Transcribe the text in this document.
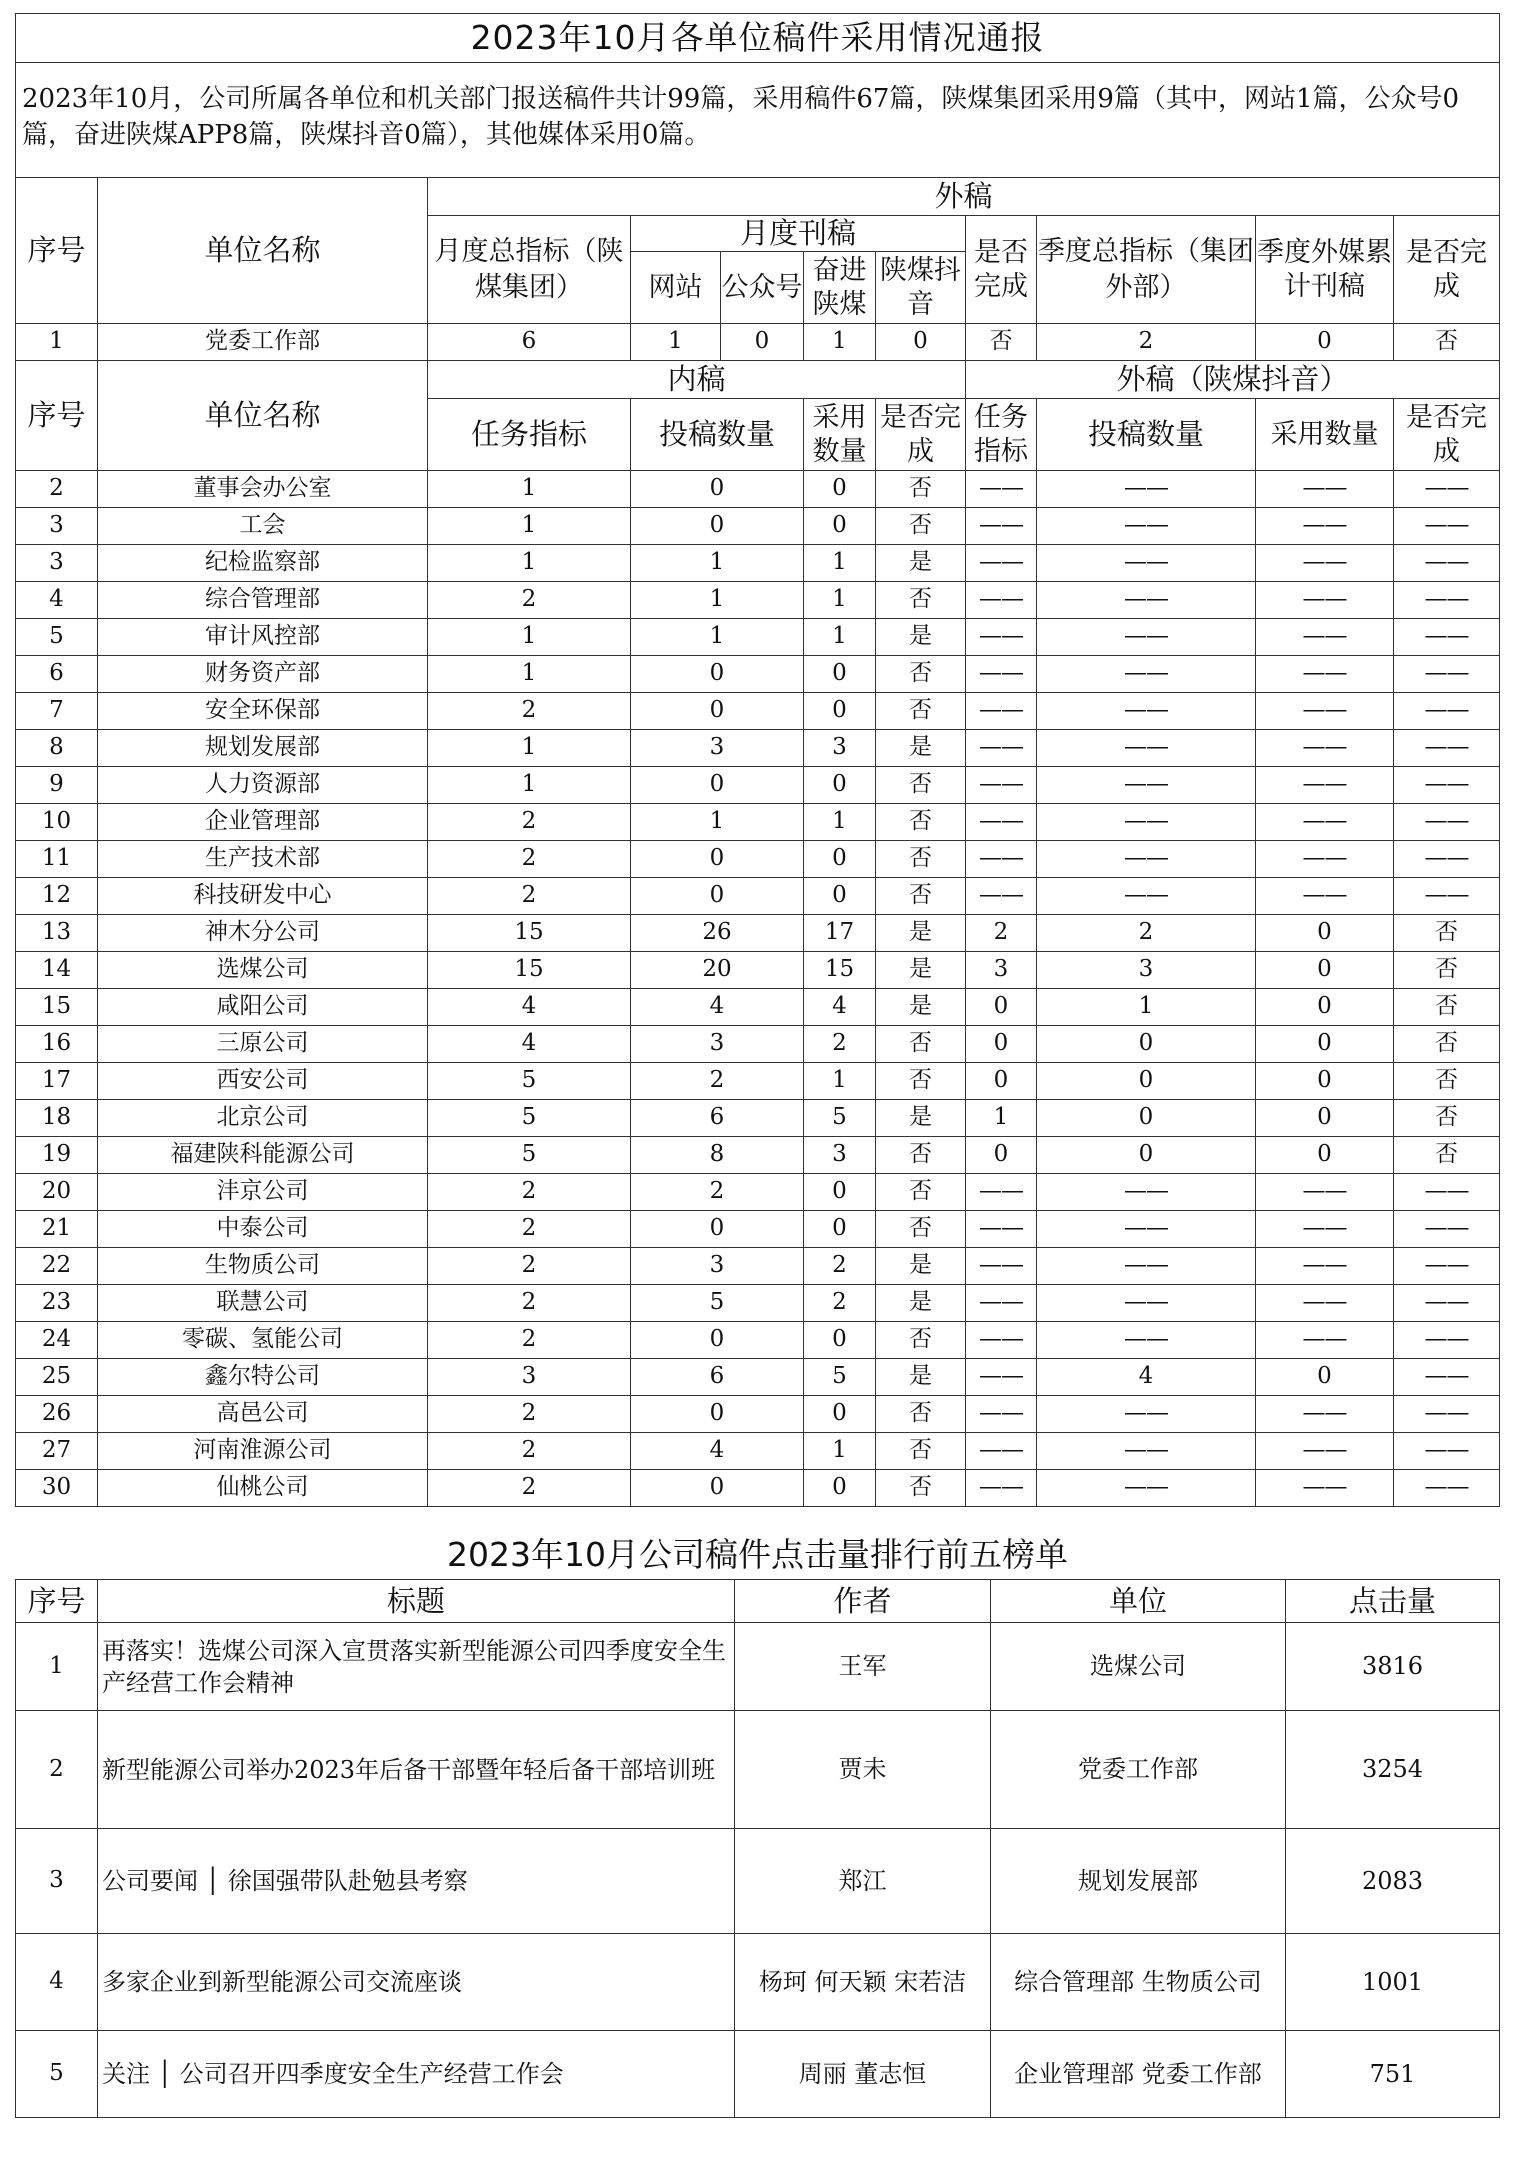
2023年10月各单位稿件采用情况通报										
2023年10月，公司所属各单位和机关部门报送稿件共计99篇，采用稿件67篇，陕煤集团采用9篇（其中，网站1篇，公众号0篇，奋进陕煤APP8篇，陕煤抖音0篇），其他媒体采用0篇。										
序号	单位名称	外稿								
		月度总指标（陕煤集团）	月度刊稿				是否完成	季度总指标（集团外部）	季度外媒累计刊稿	是否完成
			网站	公众号	奋进陕煤	陕煤抖音				
1	党委工作部	6	1	0	1	0	否	2	0	否
序号	单位名称	内稿					外稿（陕煤抖音）			
		任务指标	投稿数量		采用数量	是否完成	任务指标	投稿数量	采用数量	是否完成
2	董事会办公室	1	0		0	否	——	——	——	——
3	工会	1	0		0	否	——	——	——	——
3	纪检监察部	1	1		1	是	——	——	——	——
4	综合管理部	2	1		1	否	——	——	——	——
5	审计风控部	1	1		1	是	——	——	——	——
6	财务资产部	1	0		0	否	——	——	——	——
7	安全环保部	2	0		0	否	——	——	——	——
8	规划发展部	1	3		3	是	——	——	——	——
9	人力资源部	1	0		0	否	——	——	——	——
10	企业管理部	2	1		1	否	——	——	——	——
11	生产技术部	2	0		0	否	——	——	——	——
12	科技研发中心	2	0		0	否	——	——	——	——
13	神木分公司	15	26		17	是	2	2	0	否
14	选煤公司	15	20		15	是	3	3	0	否
15	咸阳公司	4	4		4	是	0	1	0	否
16	三原公司	4	3		2	否	0	0	0	否
17	西安公司	5	2		1	否	0	0	0	否
18	北京公司	5	6		5	是	1	0	0	否
19	福建陕科能源公司	5	8		3	否	0	0	0	否
20	沣京公司	2	2		0	否	——	——	——	——
21	中泰公司	2	0		0	否	——	——	——	——
22	生物质公司	2	3		2	是	——	——	——	——
23	联慧公司	2	5		2	是	——	——	——	——
24	零碳、氢能公司	2	0		0	否	——	——	——	——
25	鑫尔特公司	3	6		5	是	——	4	0	——
26	高邑公司	2	0		0	否	——	——	——	——
27	河南淮源公司	2	4		1	否	——	——	——	——
30	仙桃公司	2	0		0	否	——	——	——	——
2023年10月公司稿件点击量排行前五榜单				
序号	标题	作者	单位	点击量
1	再落实！选煤公司深入宣贯落实新型能源公司四季度安全生产经营工作会精神	王军	选煤公司	3816
2	新型能源公司举办2023年后备干部暨年轻后备干部培训班	贾未	党委工作部	3254
3	公司要闻 │ 徐国强带队赴勉县考察	郑江	规划发展部	2083
4	多家企业到新型能源公司交流座谈	杨珂 何天颖 宋若洁	综合管理部 生物质公司	1001
5	关注 │ 公司召开四季度安全生产经营工作会	周丽 董志恒	企业管理部 党委工作部	751
